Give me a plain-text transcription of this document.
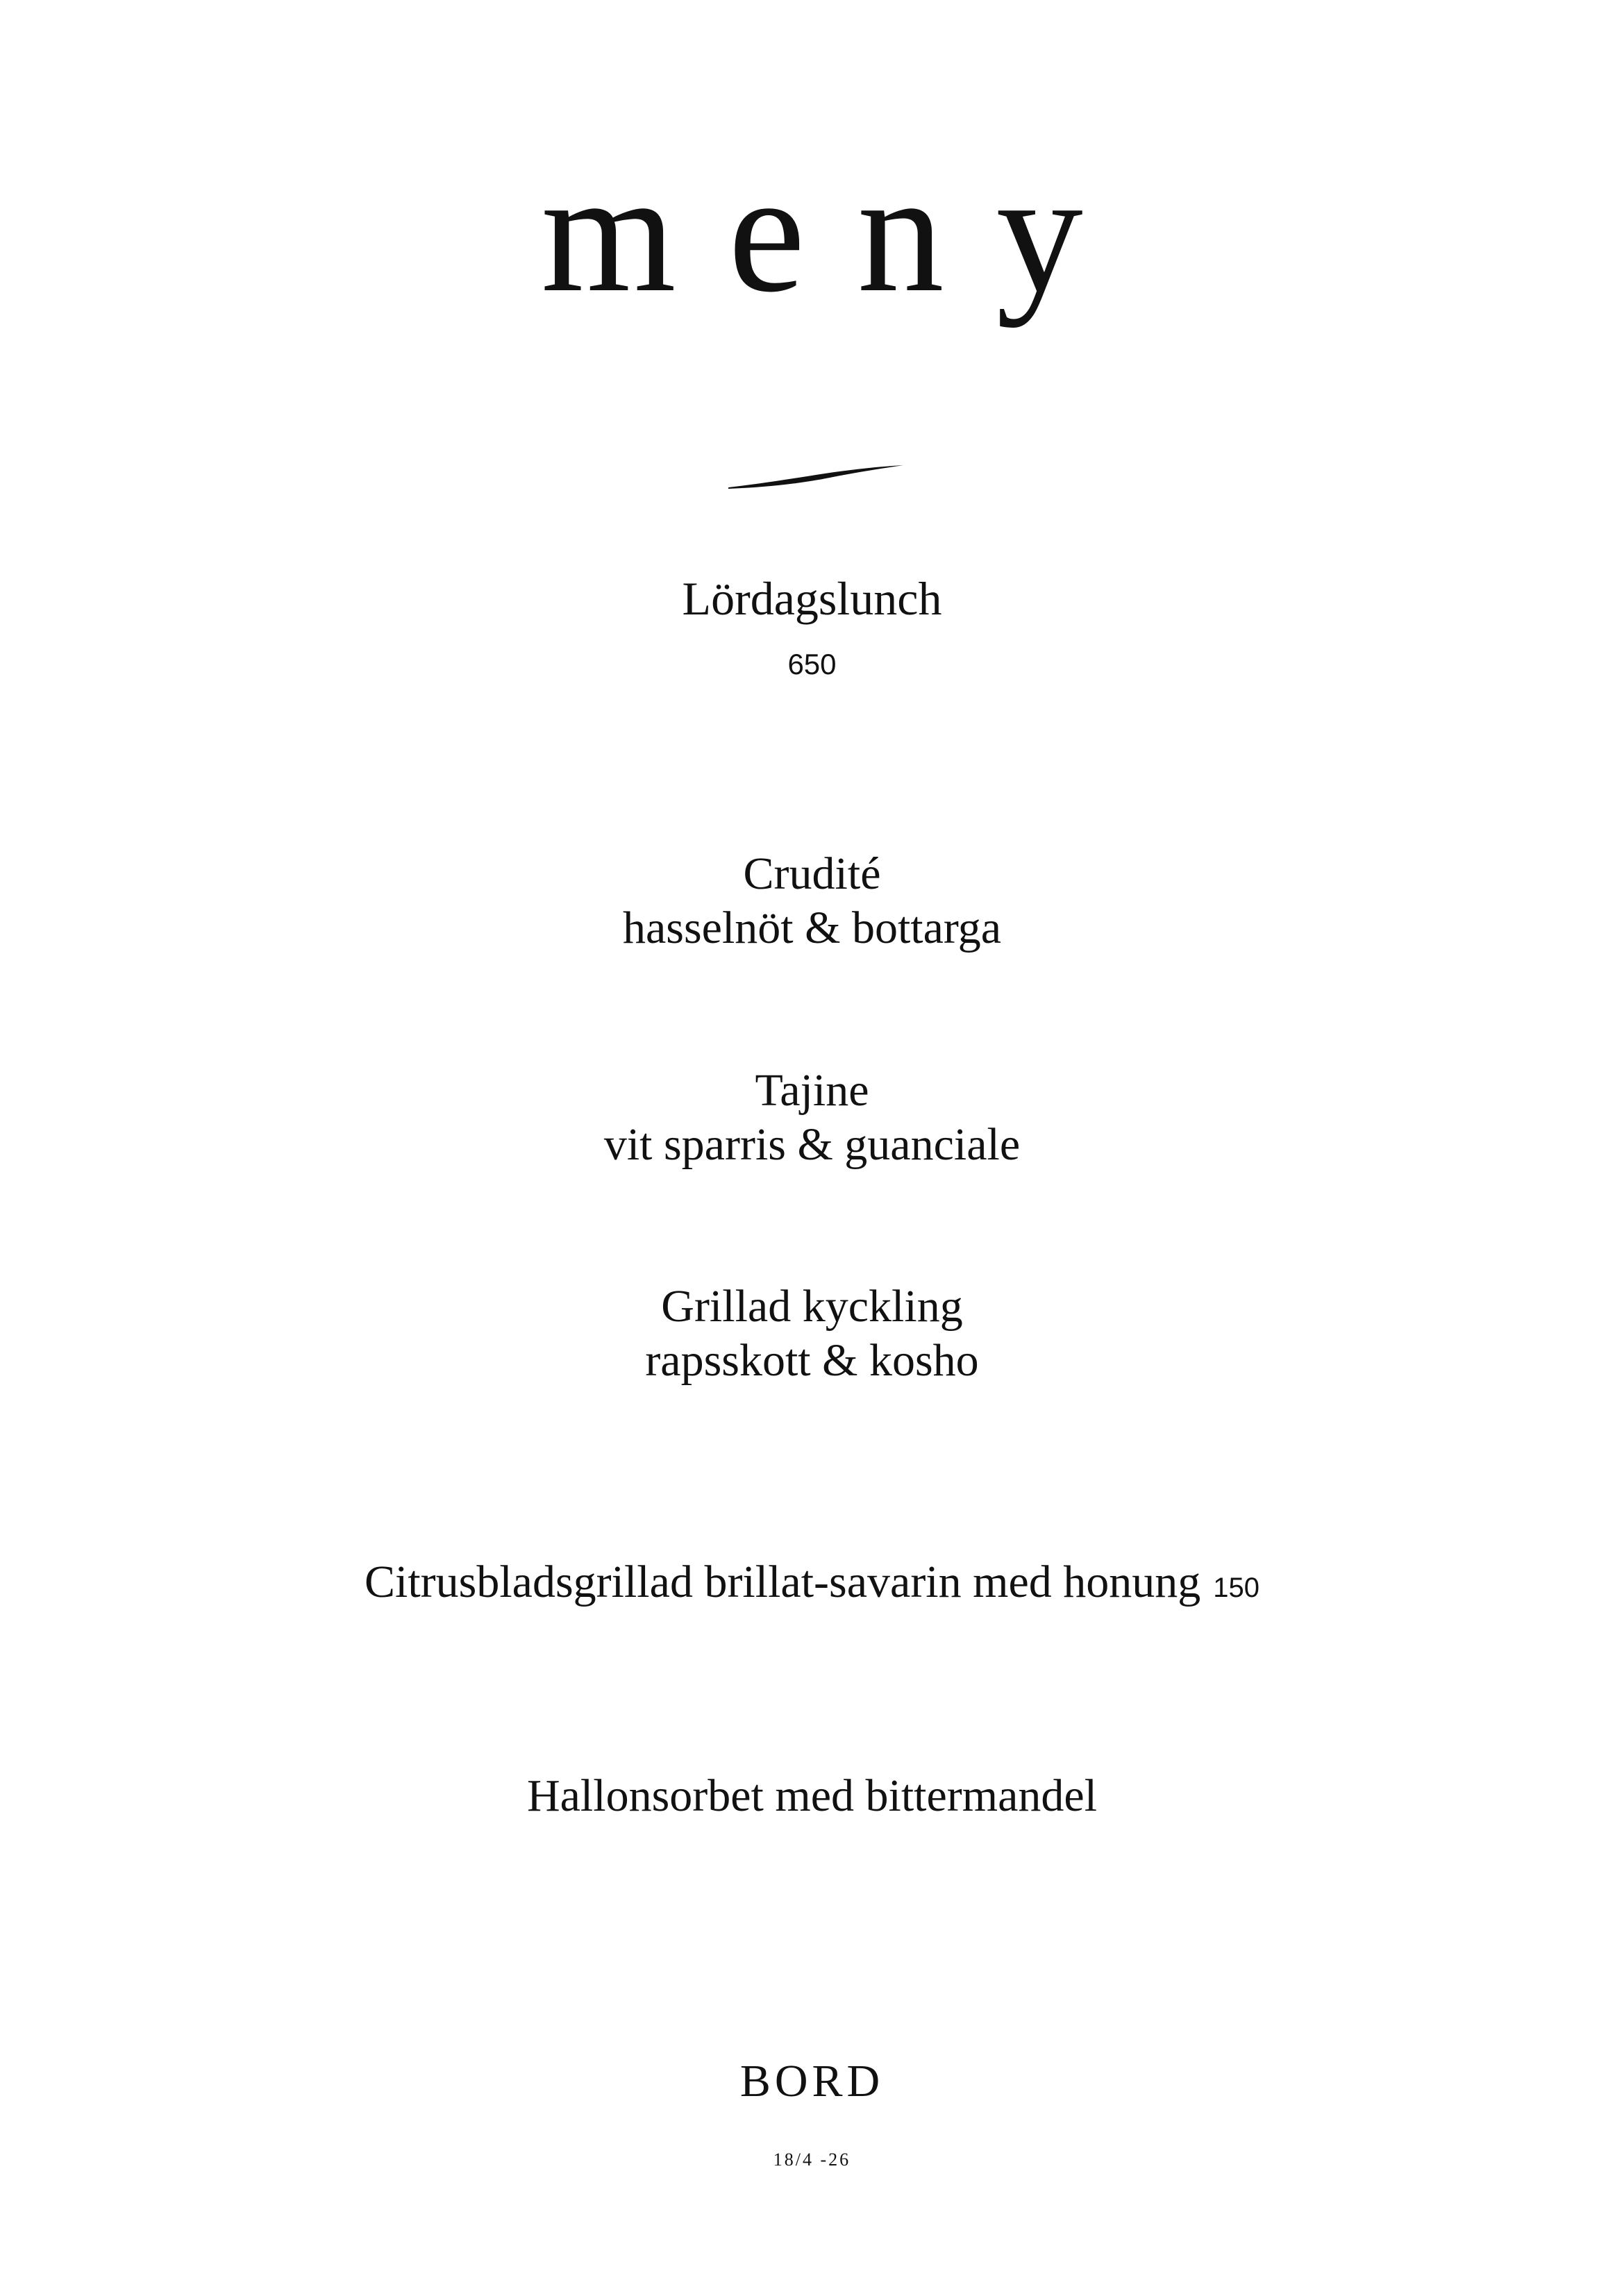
meny
Lördagslunch
650
Crudité
hasselnöt & bottarga
Tajine
vit sparris & guanciale
Grillad kyckling
rapsskott & kosho
Citrusbladsgrillad brillat-savarin med honung 150
Hallonsorbet med bittermandel
BORD
18/4 -26
